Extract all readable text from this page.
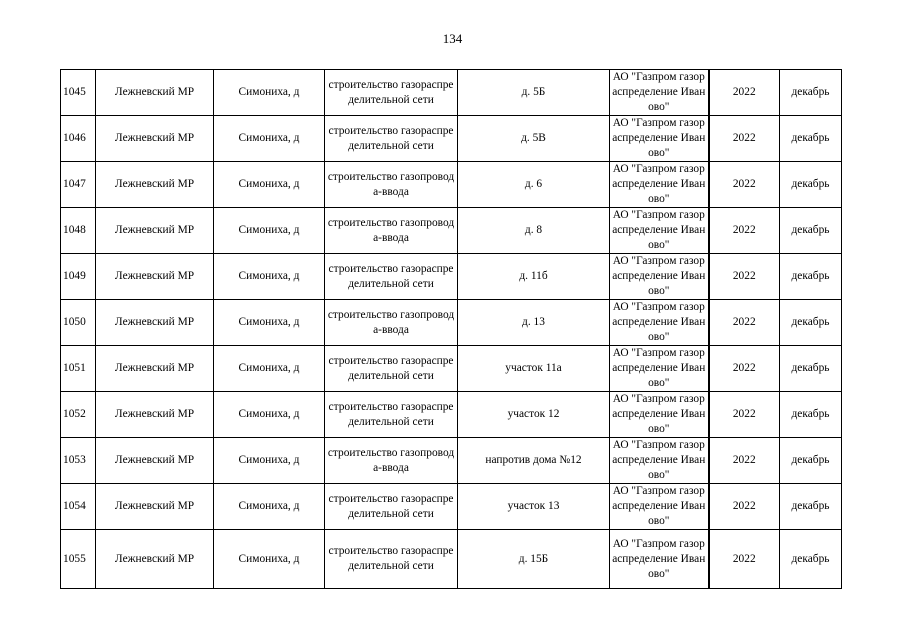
134
1045	Лежневский МР	Симониха, д	строительство газораспределительной сети	д. 5Б	АО "Газпром газораспределение Иваново"	2022	декабрь
1046	Лежневский МР	Симониха, д	строительство газораспределительной сети	д. 5В	АО "Газпром газораспределение Иваново"	2022	декабрь
1047	Лежневский МР	Симониха, д	строительство газопровода-ввода	д. 6	АО "Газпром газораспределение Иваново"	2022	декабрь
1048	Лежневский МР	Симониха, д	строительство газопровода-ввода	д. 8	АО "Газпром газораспределение Иваново"	2022	декабрь
1049	Лежневский МР	Симониха, д	строительство газораспределительной сети	д. 11б	АО "Газпром газораспределение Иваново"	2022	декабрь
1050	Лежневский МР	Симониха, д	строительство газопровода-ввода	д. 13	АО "Газпром газораспределение Иваново"	2022	декабрь
1051	Лежневский МР	Симониха, д	строительство газораспределительной сети	участок 11а	АО "Газпром газораспределение Иваново"	2022	декабрь
1052	Лежневский МР	Симониха, д	строительство газораспределительной сети	участок 12	АО "Газпром газораспределение Иваново"	2022	декабрь
1053	Лежневский МР	Симониха, д	строительство газопровода-ввода	напротив дома №12	АО "Газпром газораспределение Иваново"	2022	декабрь
1054	Лежневский МР	Симониха, д	строительство газораспределительной сети	участок 13	АО "Газпром газораспределение Иваново"	2022	декабрь
1055	Лежневский МР	Симониха, д	строительство газораспределительной сети	д. 15Б	АО "Газпром газораспределение Иваново"	2022	декабрь
